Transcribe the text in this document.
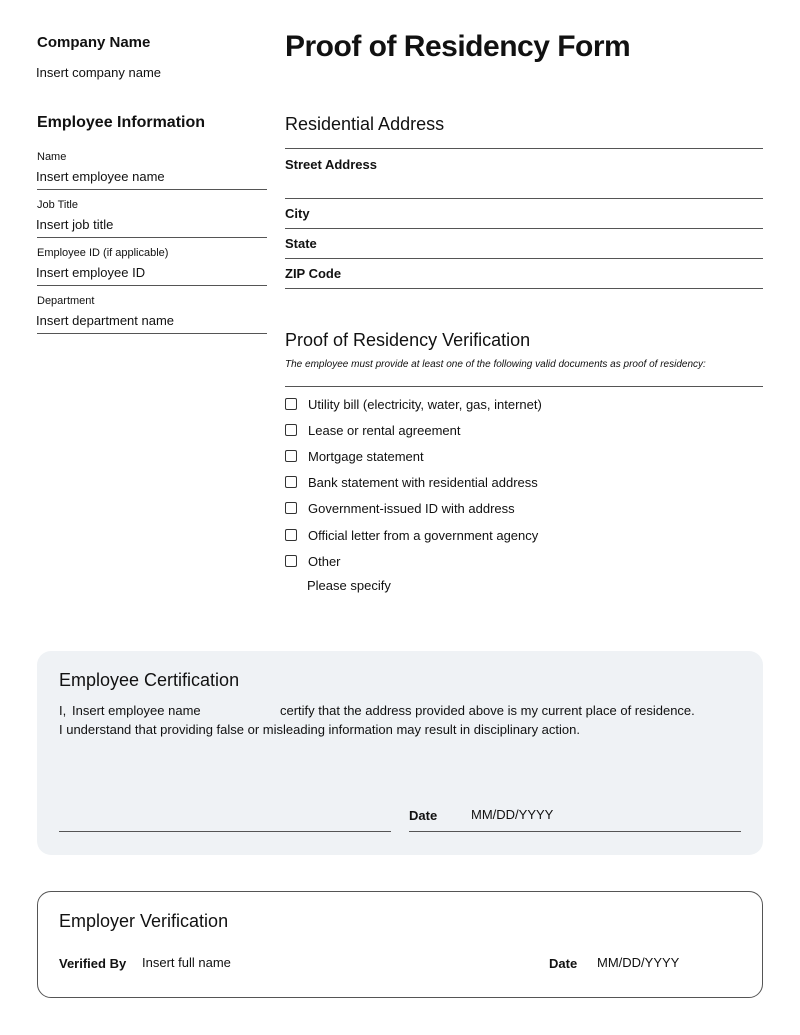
Company Name
Insert company name
Proof of Residency Form
Employee Information
Name
Insert employee name
Job Title
Insert job title
Employee ID (if applicable)
Insert employee ID
Department
Insert department name
Residential Address
Street Address
City
State
ZIP Code
Proof of Residency Verification
The employee must provide at least one of the following valid documents as proof of residency:
Utility bill (electricity, water, gas, internet)
Lease or rental agreement
Mortgage statement
Bank statement with residential address
Government-issued ID with address
Official letter from a government agency
Other
Please specify
Employee Certification
I, Insert employee name	certify that the address provided above is my current place of residence.
I understand that providing false or misleading information may result in disciplinary action.
Date	MM/DD/YYYY
Employer Verification
Verified By Insert full name	Date MM/DD/YYYY
